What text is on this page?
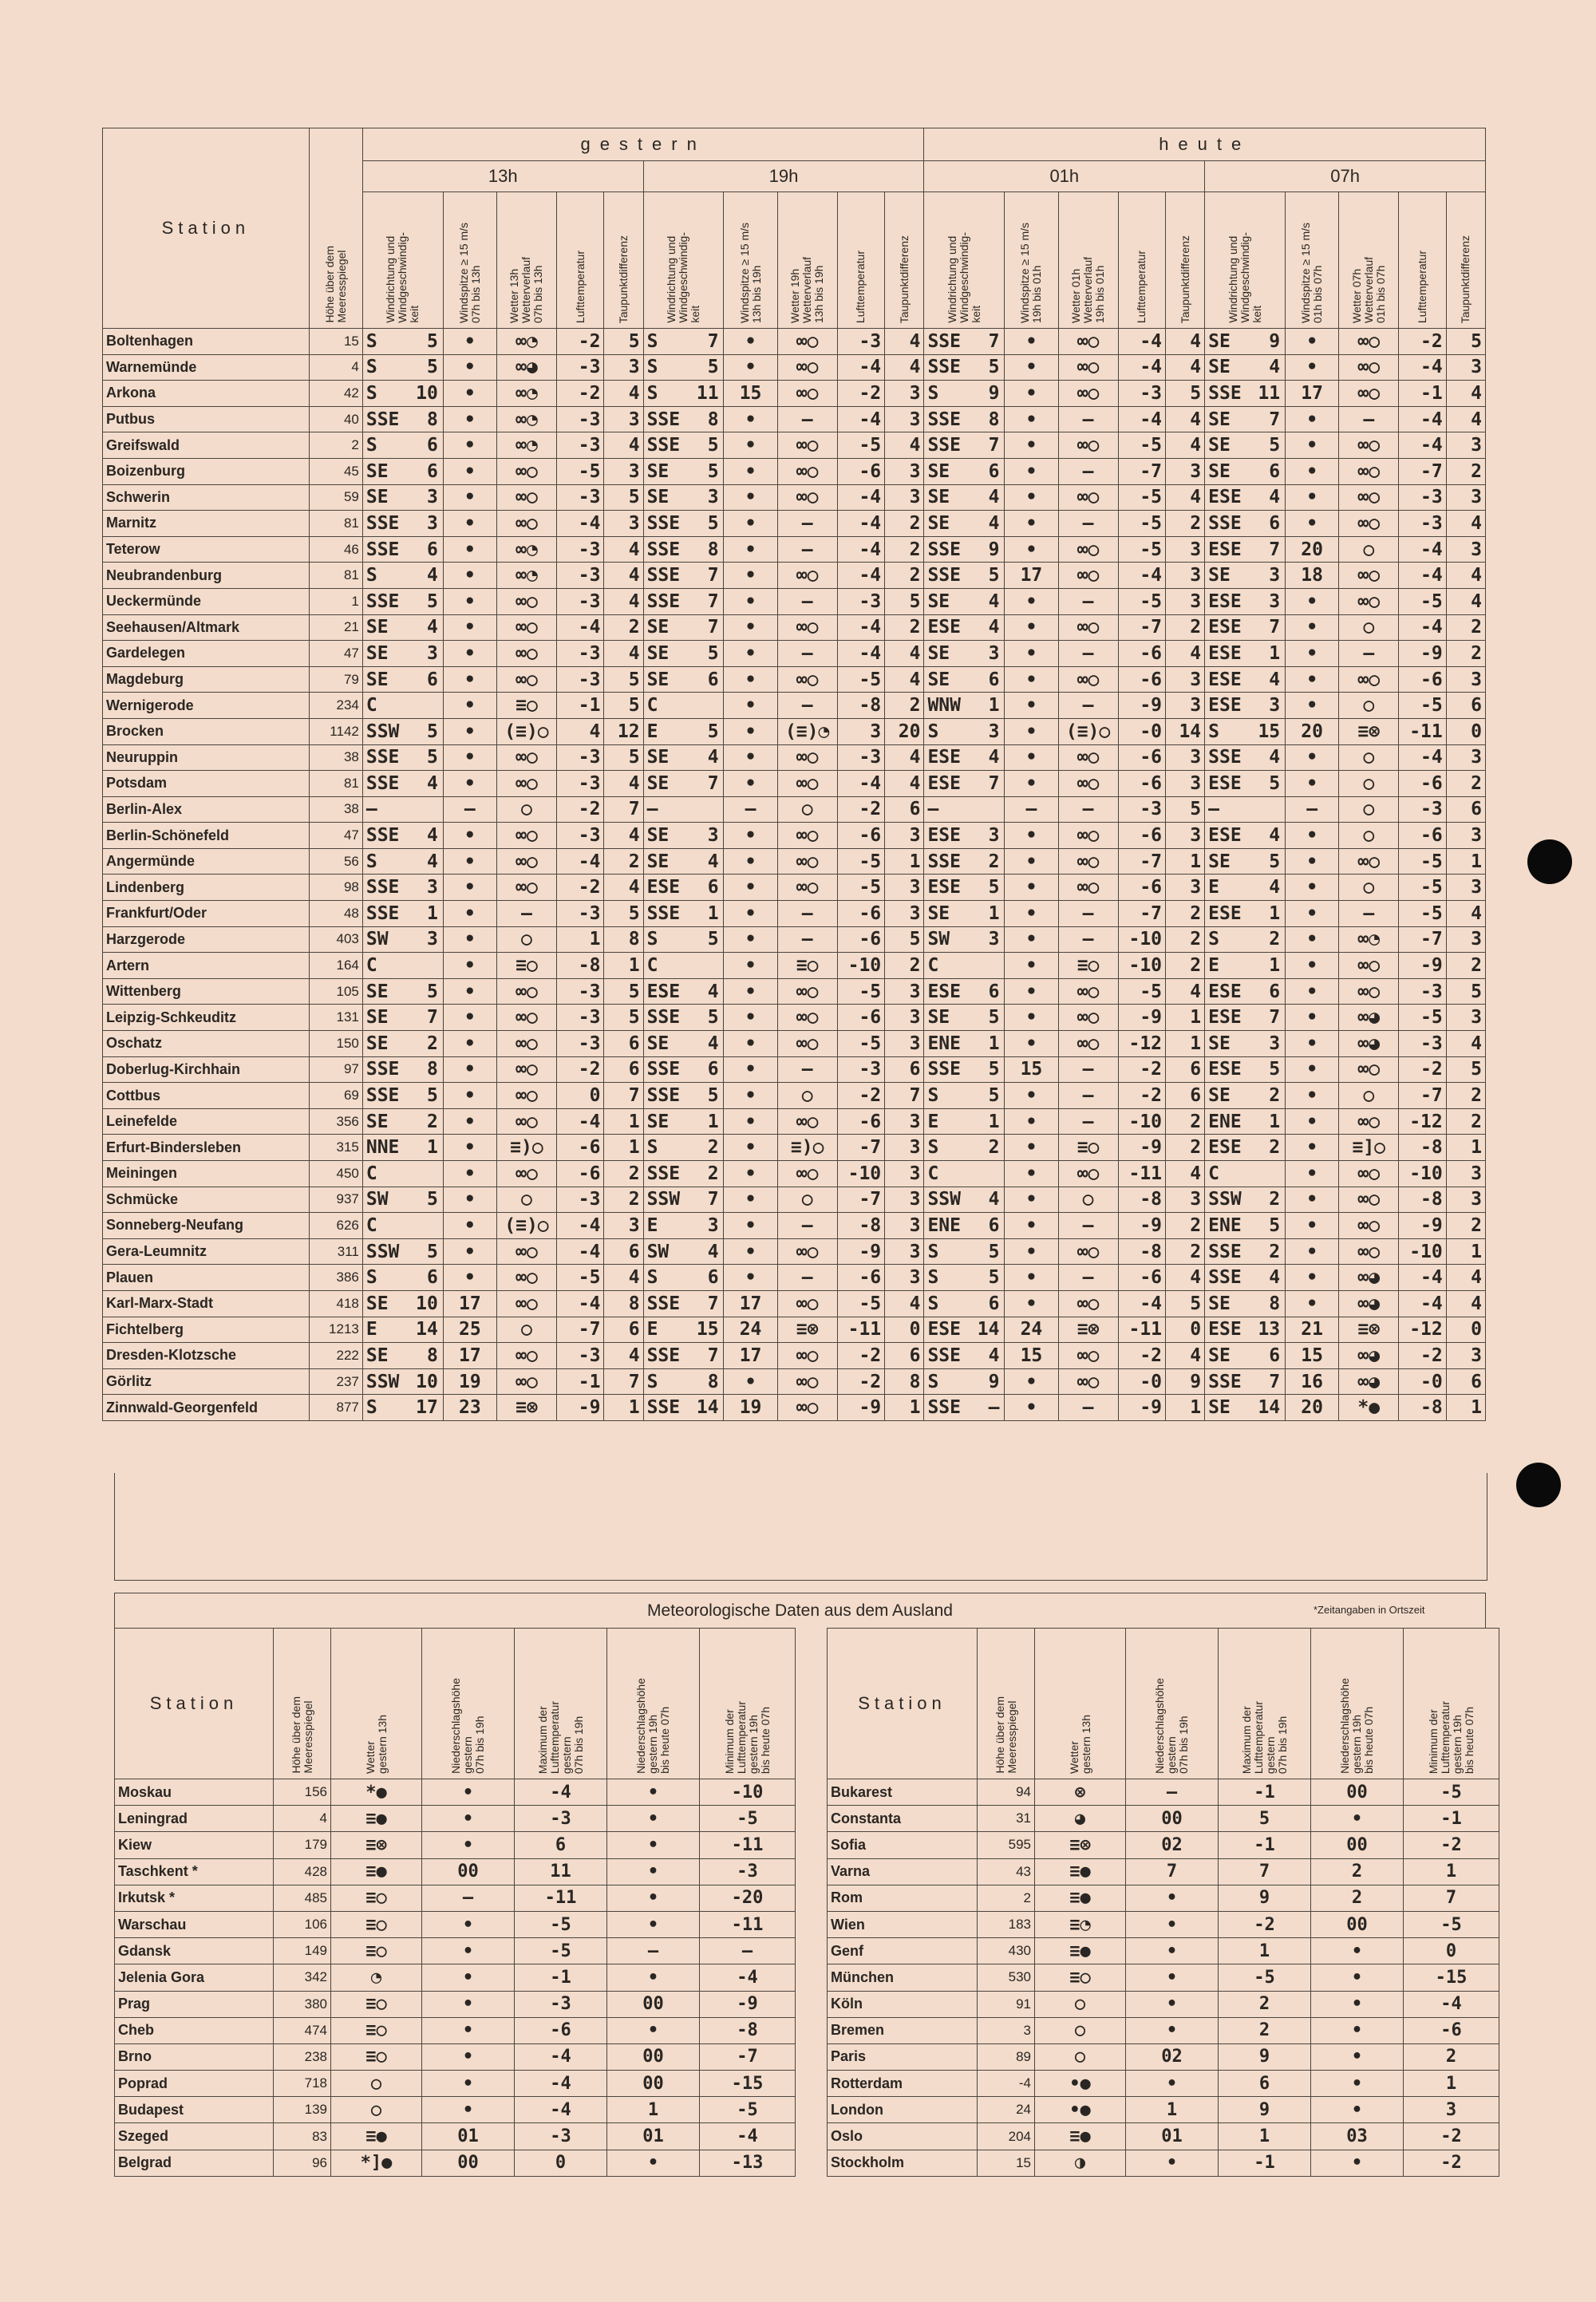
Station	Höhe über dem
Meeresspiegel	gestern										heute									
		13h					19h					01h					07h				

		Windrichtung und
Windgeschwindig-
keit	Windspitze ≥ 15 m/s
07h bis 13h	Wetter 13h
Wetterverlauf
07h bis 13h	Lufttemperatur	Taupunktdifferenz	Windrichtung und
Windgeschwindig-
keit	Windspitze ≥ 15 m/s
13h bis 19h	Wetter 19h
Wetterverlauf
13h bis 19h	Lufttemperatur	Taupunktdifferenz	Windrichtung und
Windgeschwindig-
keit	Windspitze ≥ 15 m/s
19h bis 01h	Wetter 01h
Wetterverlauf
19h bis 01h	Lufttemperatur	Taupunktdifferenz	Windrichtung und
Windgeschwindig-
keit	Windspitze ≥ 15 m/s
01h bis 07h	Wetter 07h
Wetterverlauf
01h bis 07h	Lufttemperatur	Taupunktdifferenz

Boltenhagen	15	S 5	•	∞◔	-2	5	S 7	•	∞○	-3	4	SSE 7	•	∞○	-4	4	SE 9	•	∞○	-2	5
Warnemünde	4	S 5	•	∞◕	-3	3	S 5	•	∞○	-4	4	SSE 5	•	∞○	-4	4	SE 4	•	∞○	-4	3
Arkona	42	S 10	•	∞◔	-2	4	S 11	15	∞○	-2	3	S 9	•	∞○	-3	5	SSE 11	17	∞○	-1	4
Putbus	40	SSE 8	•	∞◔	-3	3	SSE 8	•	–	-4	3	SSE 8	•	–	-4	4	SE 7	•	–	-4	4
Greifswald	2	S 6	•	∞◔	-3	4	SSE 5	•	∞○	-5	4	SSE 7	•	∞○	-5	4	SE 5	•	∞○	-4	3
Boizenburg	45	SE 6	•	∞○	-5	3	SE 5	•	∞○	-6	3	SE 6	•	–	-7	3	SE 6	•	∞○	-7	2
Schwerin	59	SE 3	•	∞○	-3	5	SE 3	•	∞○	-4	3	SE 4	•	∞○	-5	4	ESE 4	•	∞○	-3	3
Marnitz	81	SSE 3	•	∞○	-4	3	SSE 5	•	–	-4	2	SE 4	•	–	-5	2	SSE 6	•	∞○	-3	4
Teterow	46	SSE 6	•	∞◔	-3	4	SSE 8	•	–	-4	2	SSE 9	•	∞○	-5	3	ESE 7	20	○	-4	3
Neubrandenburg	81	S 4	•	∞◔	-3	4	SSE 7	•	∞○	-4	2	SSE 5	17	∞○	-4	3	SE 3	18	∞○	-4	4
Ueckermünde	1	SSE 5	•	∞○	-3	4	SSE 7	•	–	-3	5	SE 4	•	–	-5	3	ESE 3	•	∞○	-5	4
Seehausen/Altmark	21	SE 4	•	∞○	-4	2	SE 7	•	∞○	-4	2	ESE 4	•	∞○	-7	2	ESE 7	•	○	-4	2
Gardelegen	47	SE 3	•	∞○	-3	4	SE 5	•	–	-4	4	SE 3	•	–	-6	4	ESE 1	•	–	-9	2
Magdeburg	79	SE 6	•	∞○	-3	5	SE 6	•	∞○	-5	4	SE 6	•	∞○	-6	3	ESE 4	•	∞○	-6	3
Wernigerode	234	C	•	≡○	-1	5	C	•	–	-8	2	WNW 1	•	–	-9	3	ESE 3	•	○	-5	6
Brocken	1142	SSW 5	•	(≡)○	4	12	E 5	•	(≡)◔	3	20	S 3	•	(≡)○	-0	14	S 15	20	≡⊗	-11	0
Neuruppin	38	SSE 5	•	∞○	-3	5	SE 4	•	∞○	-3	4	ESE 4	•	∞○	-6	3	SSE 4	•	○	-4	3
Potsdam	81	SSE 4	•	∞○	-3	4	SE 7	•	∞○	-4	4	ESE 7	•	∞○	-6	3	ESE 5	•	○	-6	2
Berlin-Alex	38	–	–	○	-2	7	–	–	○	-2	6	–	–	–	-3	5	–	–	○	-3	6
Berlin-Schönefeld	47	SSE 4	•	∞○	-3	4	SE 3	•	∞○	-6	3	ESE 3	•	∞○	-6	3	ESE 4	•	○	-6	3
Angermünde	56	S 4	•	∞○	-4	2	SE 4	•	∞○	-5	1	SSE 2	•	∞○	-7	1	SE 5	•	∞○	-5	1
Lindenberg	98	SSE 3	•	∞○	-2	4	ESE 6	•	∞○	-5	3	ESE 5	•	∞○	-6	3	E 4	•	○	-5	3
Frankfurt/Oder	48	SSE 1	•	–	-3	5	SSE 1	•	–	-6	3	SE 1	•	–	-7	2	ESE 1	•	–	-5	4
Harzgerode	403	SW 3	•	○	1	8	S 5	•	–	-6	5	SW 3	•	–	-10	2	S 2	•	∞◔	-7	3
Artern	164	C	•	≡○	-8	1	C	•	≡○	-10	2	C	•	≡○	-10	2	E 1	•	∞○	-9	2
Wittenberg	105	SE 5	•	∞○	-3	5	ESE 4	•	∞○	-5	3	ESE 6	•	∞○	-5	4	ESE 6	•	∞○	-3	5
Leipzig-Schkeuditz	131	SE 7	•	∞○	-3	5	SSE 5	•	∞○	-6	3	SE 5	•	∞○	-9	1	ESE 7	•	∞◕	-5	3
Oschatz	150	SE 2	•	∞○	-3	6	SE 4	•	∞○	-5	3	ENE 1	•	∞○	-12	1	SE 3	•	∞◕	-3	4
Doberlug-Kirchhain	97	SSE 8	•	∞○	-2	6	SSE 6	•	–	-3	6	SSE 5	15	–	-2	6	ESE 5	•	∞○	-2	5
Cottbus	69	SSE 5	•	∞○	0	7	SSE 5	•	○	-2	7	S 5	•	–	-2	6	SE 2	•	○	-7	2
Leinefelde	356	SE 2	•	∞○	-4	1	SE 1	•	∞○	-6	3	E 1	•	–	-10	2	ENE 1	•	∞○	-12	2
Erfurt-Bindersleben	315	NNE 1	•	≡)○	-6	1	S 2	•	≡)○	-7	3	S 2	•	≡○	-9	2	ESE 2	•	≡]○	-8	1
Meiningen	450	C	•	∞○	-6	2	SSE 2	•	∞○	-10	3	C	•	∞○	-11	4	C	•	∞○	-10	3
Schmücke	937	SW 5	•	○	-3	2	SSW 7	•	○	-7	3	SSW 4	•	○	-8	3	SSW 2	•	∞○	-8	3
Sonneberg-Neufang	626	C	•	(≡)○	-4	3	E 3	•	–	-8	3	ENE 6	•	–	-9	2	ENE 5	•	∞○	-9	2
Gera-Leumnitz	311	SSW 5	•	∞○	-4	6	SW 4	•	∞○	-9	3	S 5	•	∞○	-8	2	SSE 2	•	∞○	-10	1
Plauen	386	S 6	•	∞○	-5	4	S 6	•	–	-6	3	S 5	•	–	-6	4	SSE 4	•	∞◕	-4	4
Karl-Marx-Stadt	418	SE 10	17	∞○	-4	8	SSE 7	17	∞○	-5	4	S 6	•	∞○	-4	5	SE 8	•	∞◕	-4	4
Fichtelberg	1213	E 14	25	○	-7	6	E 15	24	≡⊗	-11	0	ESE 14	24	≡⊗	-11	0	ESE 13	21	≡⊗	-12	0
Dresden-Klotzsche	222	SE 8	17	∞○	-3	4	SSE 7	17	∞○	-2	6	SSE 4	15	∞○	-2	4	SE 6	15	∞◕	-2	3
Görlitz	237	SSW 10	19	∞○	-1	7	S 8	•	∞○	-2	8	S 9	•	∞○	-0	9	SSE 7	16	∞◕	-0	6
Zinnwald-Georgenfeld	877	S 17	23	≡⊗	-9	1	SSE 14	19	∞○	-9	1	SSE –	•	–	-9	1	SE 14	20	*●	-8	1
Meteorologische Daten aus dem Ausland	*Zeitangaben in Ortszeit
Station	Höhe über dem
Meeresspiegel	Wetter
gestern 13h	Niederschlagshöhe
gestern
07h bis 19h	Maximum der
Lufttemperatur
gestern
07h bis 19h	Niederschlagshöhe
gestern 19h
bis heute 07h	Minimum der
Lufttemperatur
gestern 19h
bis heute 07h

Moskau	156	*●	•	-4	•	-10
Leningrad	4	≡●	•	-3	•	-5
Kiew	179	≡⊗	•	6	•	-11
Taschkent *	428	≡●	00	11	•	-3
Irkutsk *	485	≡○	–	-11	•	-20
Warschau	106	≡○	•	-5	•	-11
Gdansk	149	≡○	•	-5	–	–
Jelenia Gora	342	◔	•	-1	•	-4
Prag	380	≡○	•	-3	00	-9
Cheb	474	≡○	•	-6	•	-8
Brno	238	≡○	•	-4	00	-7
Poprad	718	○	•	-4	00	-15
Budapest	139	○	•	-4	1	-5
Szeged	83	≡●	01	-3	01	-4
Belgrad	96	*]●	00	0	•	-13
Station	Höhe über dem
Meeresspiegel	Wetter
gestern 13h	Niederschlagshöhe
gestern
07h bis 19h	Maximum der
Lufttemperatur
gestern
07h bis 19h	Niederschlagshöhe
gestern 19h
bis heute 07h	Minimum der
Lufttemperatur
gestern 19h
bis heute 07h

Bukarest	94	⊗	–	-1	00	-5
Constanta	31	◕	00	5	•	-1
Sofia	595	≡⊗	02	-1	00	-2
Varna	43	≡●	7	7	2	1
Rom	2	≡●	•	9	2	7
Wien	183	≡◔	•	-2	00	-5
Genf	430	≡●	•	1	•	0
München	530	≡○	•	-5	•	-15
Köln	91	○	•	2	•	-4
Bremen	3	○	•	2	•	-6
Paris	89	○	02	9	•	2
Rotterdam	-4	•●	•	6	•	1
London	24	•●	1	9	•	3
Oslo	204	≡●	01	1	03	-2
Stockholm	15	◑	•	-1	•	-2
